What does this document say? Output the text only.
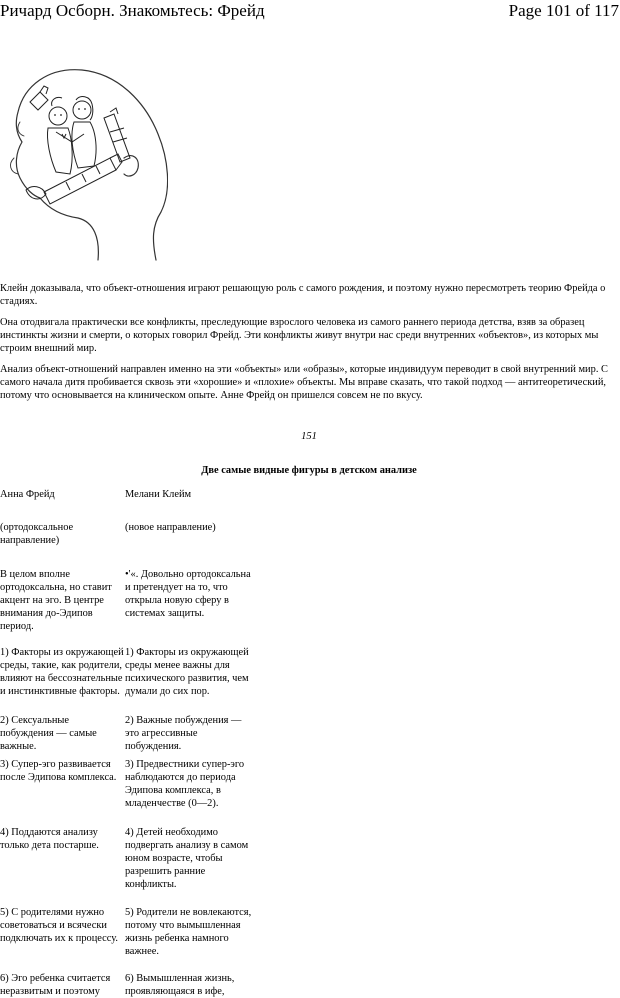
Ричард Осборн. Знакомьтесь: Фрейд	Page 101 of 117
Клейн доказывала, что объект-отношения играют решающую роль с самого рождения, и поэтому нужно пересмотреть теорию Фрейда о стадиях.
Она отодвигала практически все конфликты, преследующие взрослого человека из самого раннего периода детства, взяв за образец инстинкты жизни и смерти, о которых говорил Фрейд. Эти конфликты живут внутри нас среди внутренних «объектов», из которых мы строим внешний мир.
Анализ объект-отношений направлен именно на эти «объекты» или «образы», которые индивидуум переводит в свой внутренний мир. С самого начала дитя пробивается сквозь эти «хорошие» и «плохие» объекты. Мы вправе сказать, что такой подход — антитеоретический, потому что основывается на клиническом опыте. Анне Фрейд он пришелся совсем не по вкусу.
151
Две самые видные фигуры в детском анализе
Анна Фрейд	Мелани Клейм
(ортодоксальное направление)
(новое направление)
В целом вполне ортодоксальна, но ставит акцент на эго. В центре внимания до-Эдипов период.
•'«. Довольно ортодоксальна и претендует на то, что открыла новую сферу в системах защиты.
1) Факторы из окружающей среды, такие, как родители, влияют на бессознательные и инстинктивные факторы.
1) Факторы из окружающей среды менее важны для психического развития, чем думали до сих пор.
2) Сексуальные побуждения — самые важные.
2) Важные побуждения —это агрессивные побуждения.
3) Супер-эго развивается после Эдипова комплекса.
3) Предвестники супер-эго наблюдаются до периода Эдипова комплекса, в младенчестве (0—2).
4) Поддаются анализу только дета постарше.
4) Детей необходимо подвергать анализу в самом юном возрасте, чтобы разрешить ранние конфликты.
5) С родителями нужно советоваться и всячески подключать их к процессу.
5) Родители не вовлекаются, потому что вымышленная жизнь ребенка намного важнее.
6) Эго ребенка считается неразвитым и поэтому
6) Вымышленная жизнь, проявляющаяся в ифе,
